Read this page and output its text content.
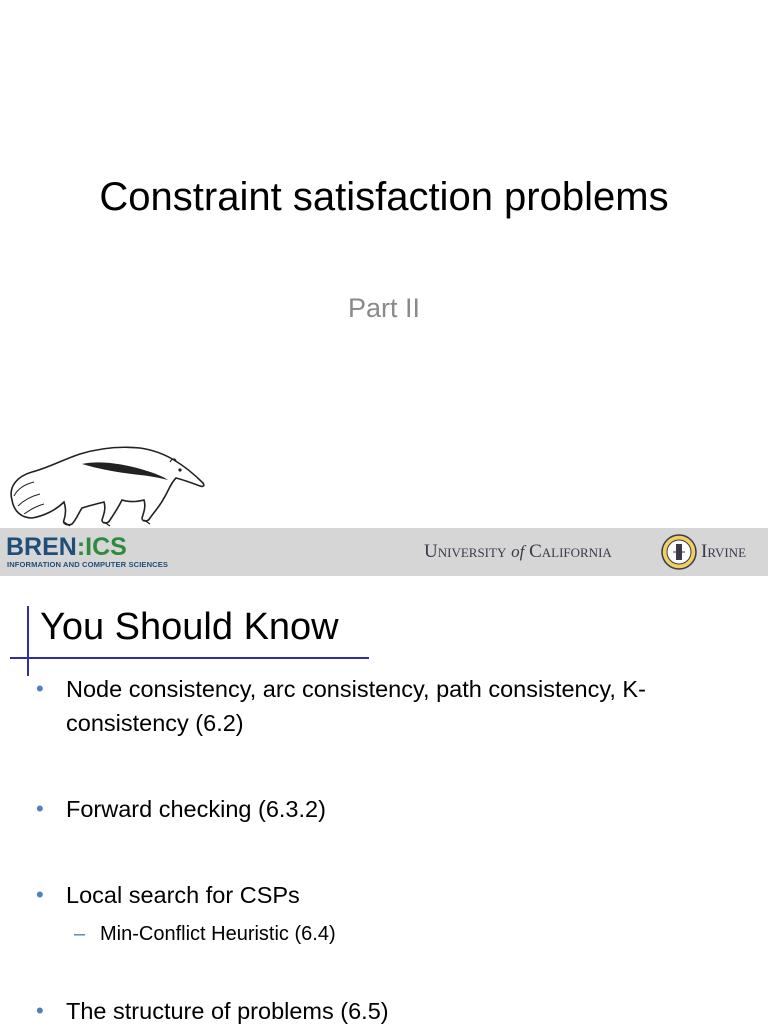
Constraint satisfaction problems
Part II
BREN:ICS
INFORMATION AND COMPUTER SCIENCES
University of California	Irvine
You Should Know
• Node consistency, arc consistency, path consistency, K-consistency (6.2)
• Forward checking (6.3.2)
• Local search for CSPs
– Min-Conflict Heuristic (6.4)
• The structure of problems (6.5)
